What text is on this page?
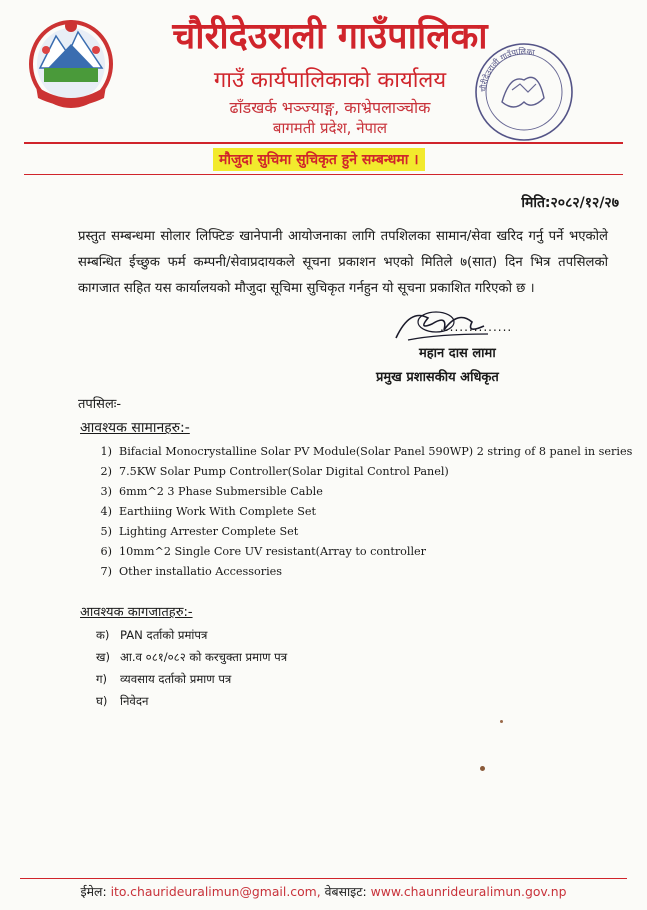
चौरीदेउराली गाउँपालिका
गाउँ कार्यपालिकाको कार्यालय
ढाँडखर्क भञ्ज्याङ्ग, काभ्रेपलाञ्चोक
बागमती प्रदेश, नेपाल
चौरीदेउराली गाउँपालिका
मौजुदा सुचिमा सुचिकृत हुने सम्बन्धमा ।
मिति:२०८२/१२/२७
प्रस्तुत सम्बन्धमा सोलार लिफ्टिङ खानेपानी आयोजनाका लागि तपशिलका सामान/सेवा खरिद गर्नु पर्ने भएकोले सम्बन्धित ईच्छुक फर्म कम्पनी/सेवाप्रदायकले सूचना प्रकाशन भएको मितिले ७(सात) दिन भित्र तपसिलको कागजात सहित यस कार्यालयको मौजुदा सूचिमा सुचिकृत गर्नहुन यो सूचना प्रकाशित गरिएको छ ।
...............
महान दास लामा
प्रमुख प्रशासकीय अधिकृत
तपसिलः-
आवश्यक सामानहरु:-
1) Bifacial Monocrystalline Solar PV Module(Solar Panel 590WP) 2 string of 8 panel in series
2) 7.5KW Solar Pump Controller(Solar Digital Control Panel)
3) 6mm^2 3 Phase Submersible Cable
4) Earthiing Work With Complete Set
5) Lighting Arrester Complete Set
6) 10mm^2 Single Core UV resistant(Array to controller
7) Other installatio Accessories
आवश्यक कागजातहरु:-
क) PAN दर्ताको प्रमांपत्र
ख) आ.व ०८१/०८२ को करचुक्ता प्रमाण पत्र
ग) व्यवसाय दर्ताको प्रमाण पत्र
घ) निवेदन
ईमेल: ito.chaurideuralimun@gmail.com, वेबसाइट: www.chaunrideuralimun.gov.np
